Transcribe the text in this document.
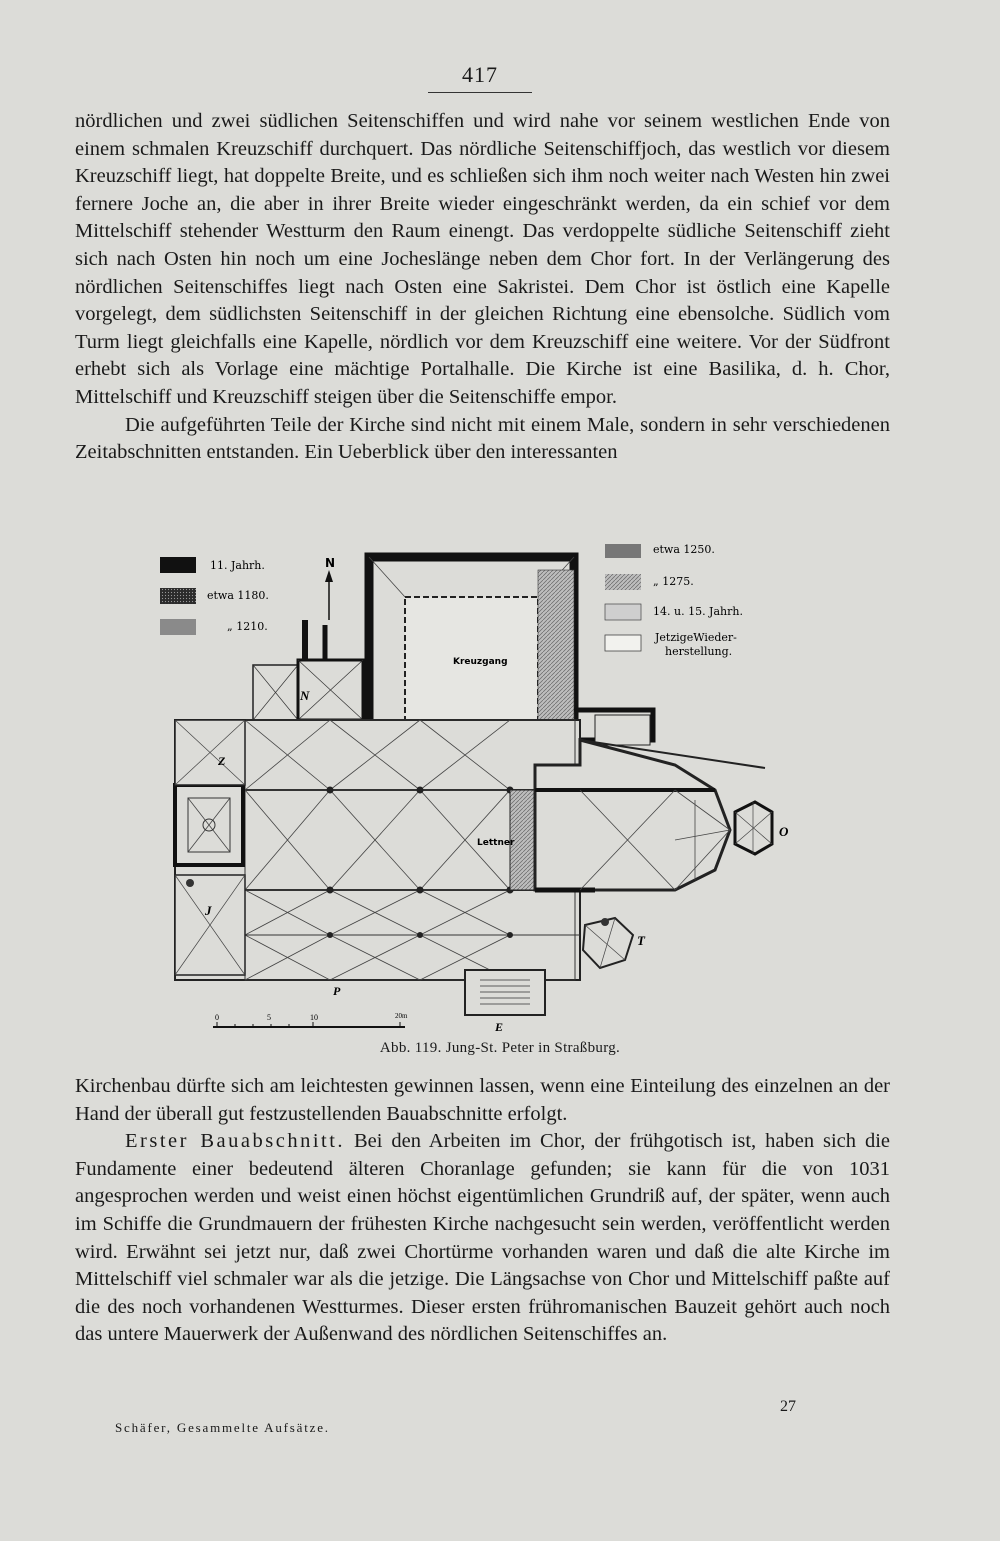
417

nördlichen und zwei südlichen Seitenschiffen und wird nahe vor seinem westlichen Ende von einem schmalen Kreuzschiff durchquert. Das nördliche Seitenschiffjoch, das westlich vor diesem Kreuzschiff liegt, hat doppelte Breite, und es schließen sich ihm noch weiter nach Westen hin zwei fernere Joche an, die aber in ihrer Breite wieder eingeschränkt werden, da ein schief vor dem Mittelschiff stehender Westturm den Raum einengt. Das verdoppelte südliche Seitenschiff zieht sich nach Osten hin noch um eine Jocheslänge neben dem Chor fort. In der Verlängerung des nördlichen Seitenschiffes liegt nach Osten eine Sakristei. Dem Chor ist östlich eine Kapelle vorgelegt, dem südlichsten Seitenschiff in der gleichen Richtung eine ebensolche. Südlich vom Turm liegt gleichfalls eine Kapelle, nördlich vor dem Kreuzschiff eine weitere. Vor der Südfront erhebt sich als Vorlage eine mächtige Portalhalle. Die Kirche ist eine Basilika, d. h. Chor, Mittelschiff und Kreuzschiff steigen über die Seitenschiffe empor.

Die aufgeführten Teile der Kirche sind nicht mit einem Male, sondern in sehr verschiedenen Zeitabschnitten entstanden. Ein Ueberblick über den interessanten

11. Jahrh.
etwa 1180.
„ 1210.
N
etwa 1250.
„ 1275.
14. u. 15. Jahrh.
JetzigeWieder-
herstellung.
Kreuzgang
N
Z
J
Lettner
O
T
E
P
0	5	10	20m
Abb. 119. Jung-St. Peter in Straßburg.

Kirchenbau dürfte sich am leichtesten gewinnen lassen, wenn eine Einteilung des einzelnen an der Hand der überall gut festzustellenden Bauabschnitte erfolgt.

Erster Bauabschnitt. Bei den Arbeiten im Chor, der frühgotisch ist, haben sich die Fundamente einer bedeutend älteren Choranlage gefunden; sie kann für die von 1031 angesprochen werden und weist einen höchst eigentümlichen Grundriß auf, der später, wenn auch im Schiffe die Grundmauern der frühesten Kirche nachgesucht sein werden, veröffentlicht werden wird. Erwähnt sei jetzt nur, daß zwei Chortürme vorhanden waren und daß die alte Kirche im Mittelschiff viel schmaler war als die jetzige. Die Längsachse von Chor und Mittelschiff paßte auf die des noch vorhandenen Westturmes. Dieser ersten frühromanischen Bauzeit gehört auch noch das untere Mauerwerk der Außenwand des nördlichen Seitenschiffes an.

Schäfer, Gesammelte Aufsätze.
27
